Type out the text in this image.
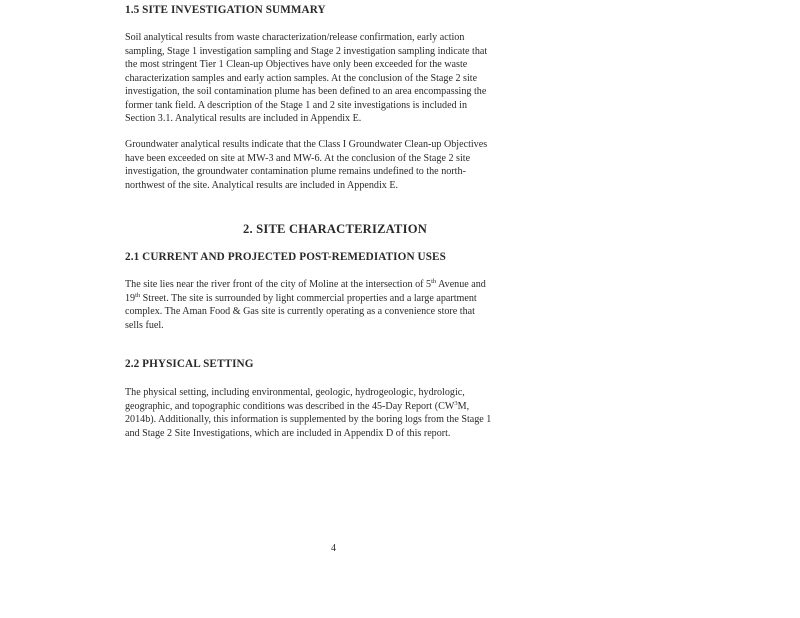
1.5 SITE INVESTIGATION SUMMARY

Soil analytical results from waste characterization/release confirmation, early action
sampling, Stage 1 investigation sampling and Stage 2 investigation sampling indicate that
the most stringent Tier 1 Clean-up Objectives have only been exceeded for the waste
characterization samples and early action samples. At the conclusion of the Stage 2 site
investigation, the soil contamination plume has been defined to an area encompassing the
former tank field. A description of the Stage 1 and 2 site investigations is included in
Section 3.1. Analytical results are included in Appendix E.

Groundwater analytical results indicate that the Class I Groundwater Clean-up Objectives
have been exceeded on site at MW-3 and MW-6. At the conclusion of the Stage 2 site
investigation, the groundwater contamination plume remains undefined to the north-
northwest of the site. Analytical results are included in Appendix E.

2. SITE CHARACTERIZATION
2.1 CURRENT AND PROJECTED POST-REMEDIATION USES

The site lies near the river front of the city of Moline at the intersection of 5th Avenue and
19th Street. The site is surrounded by light commercial properties and a large apartment
complex. The Aman Food & Gas site is currently operating as a convenience store that
sells fuel.

2.2 PHYSICAL SETTING

The physical setting, including environmental, geologic, hydrogeologic, hydrologic,
geographic, and topographic conditions was described in the 45-Day Report ($CW^3M$,
2014b). Additionally, this information is supplemented by the boring logs from the Stage 1
and Stage 2 Site Investigations, which are included in Appendix D of this report.

4
